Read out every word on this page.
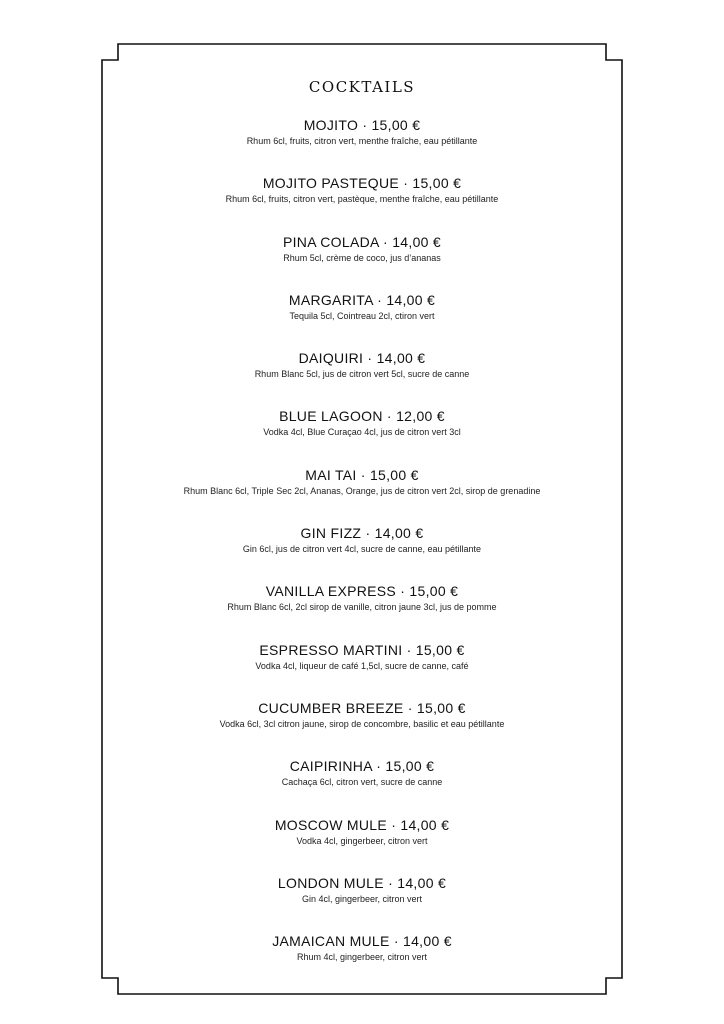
COCKTAILS
MOJITO · 15,00 €
Rhum 6cl, fruits, citron vert, menthe fraîche, eau pétillante
MOJITO PASTEQUE · 15,00 €
Rhum 6cl, fruits, citron vert, pastèque, menthe fraîche, eau pétillante
PINA COLADA · 14,00 €
Rhum 5cl, crème de coco, jus d’ananas
MARGARITA · 14,00 €
Tequila 5cl, Cointreau 2cl, ctiron vert
DAIQUIRI · 14,00 €
Rhum Blanc 5cl, jus de citron vert 5cl, sucre de canne
BLUE LAGOON · 12,00 €
Vodka 4cl, Blue Curaçao 4cl, jus de citron vert 3cl
MAI TAI · 15,00 €
Rhum Blanc 6cl, Triple Sec 2cl, Ananas, Orange, jus de citron vert 2cl, sirop de grenadine
GIN FIZZ · 14,00 €
Gin 6cl, jus de citron vert 4cl, sucre de canne, eau pétillante
VANILLA EXPRESS · 15,00 €
Rhum Blanc 6cl, 2cl sirop de vanille, citron jaune 3cl, jus de pomme
ESPRESSO MARTINI · 15,00 €
Vodka 4cl, liqueur de café 1,5cl, sucre de canne, café
CUCUMBER BREEZE · 15,00 €
Vodka 6cl, 3cl citron jaune, sirop de concombre, basilic et eau pétillante
CAIPIRINHA · 15,00 €
Cachaça 6cl, citron vert, sucre de canne
MOSCOW MULE · 14,00 €
Vodka 4cl, gingerbeer, citron vert
LONDON MULE · 14,00 €
Gin 4cl, gingerbeer, citron vert
JAMAICAN MULE · 14,00 €
Rhum 4cl, gingerbeer, citron vert
